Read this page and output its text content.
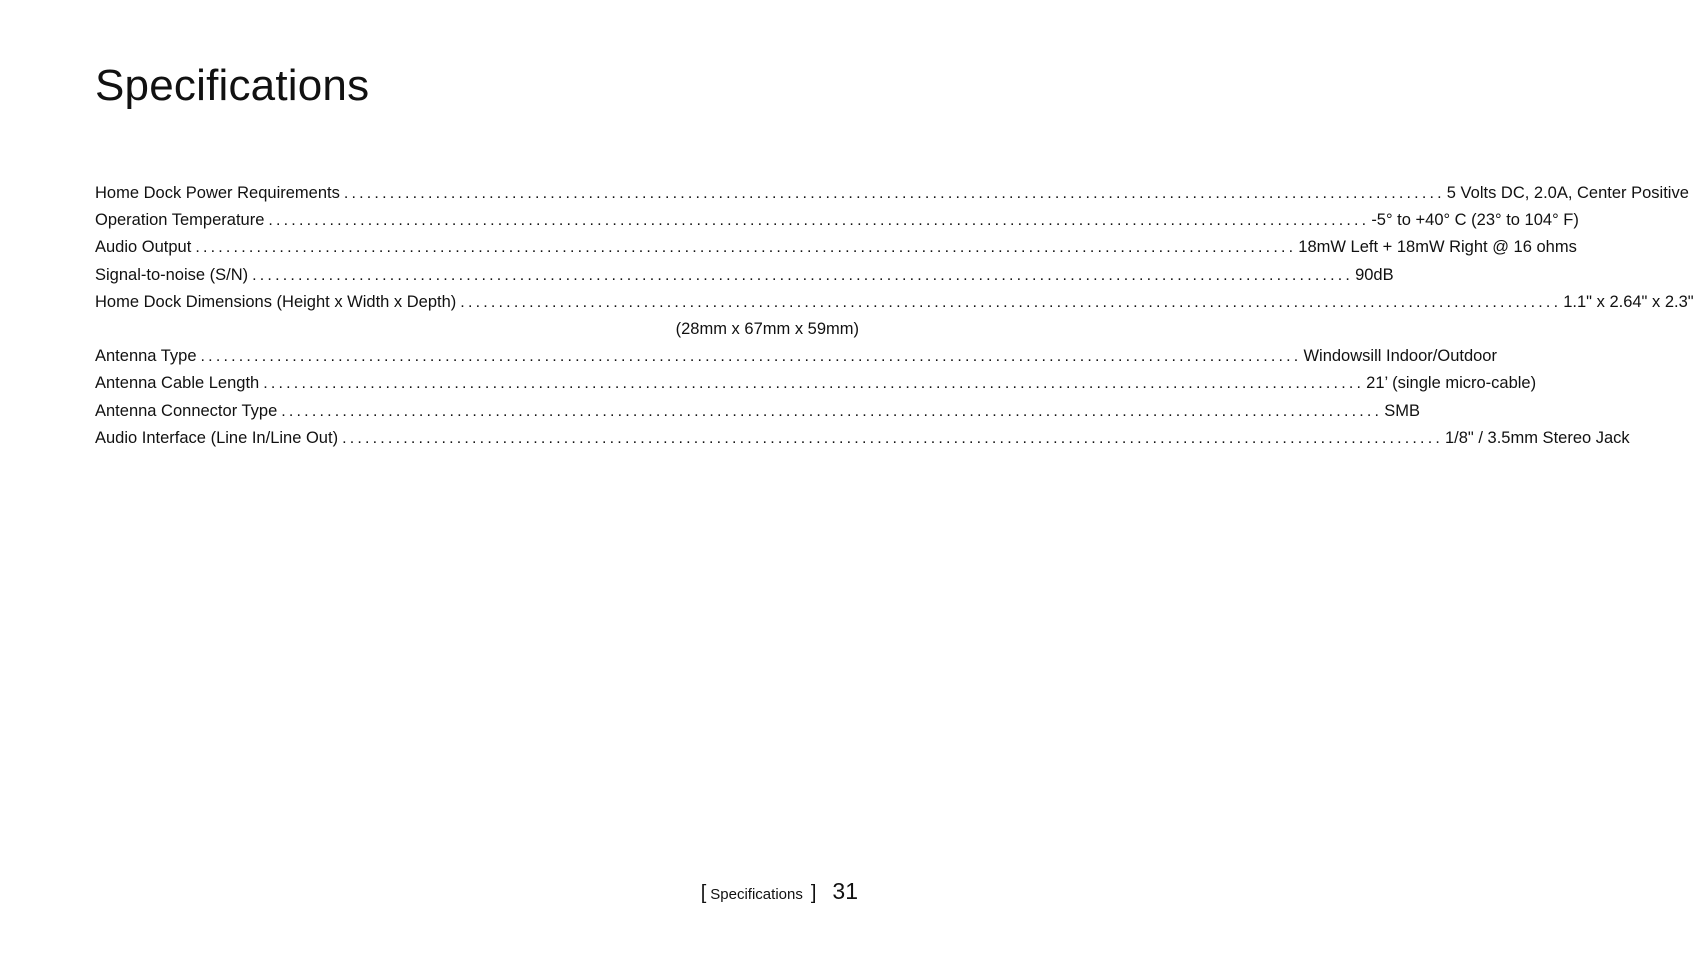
Specifications
Home Dock Power Requirements ................................................................................................................................................ 5 Volts DC, 2.0A, Center Positive
Operation Temperature ................................................................................................................................................ -5° to +40° C (23° to 104° F)
Audio Output ................................................................................................................................................ 18mW Left + 18mW Right @ 16 ohms
Signal-to-noise (S/N) ................................................................................................................................................ 90dB
Home Dock Dimensions (Height x Width x Depth) ................................................................................................................................................ 1.1" x 2.64" x 2.3"
(28mm x 67mm x 59mm)
Antenna Type ................................................................................................................................................ Windowsill Indoor/Outdoor
Antenna Cable Length ................................................................................................................................................ 21’ (single micro-cable)
Antenna Connector Type ................................................................................................................................................ SMB
Audio Interface (Line In/Line Out) ................................................................................................................................................ 1/8" / 3.5mm Stereo Jack
[ Specifications ] 31
